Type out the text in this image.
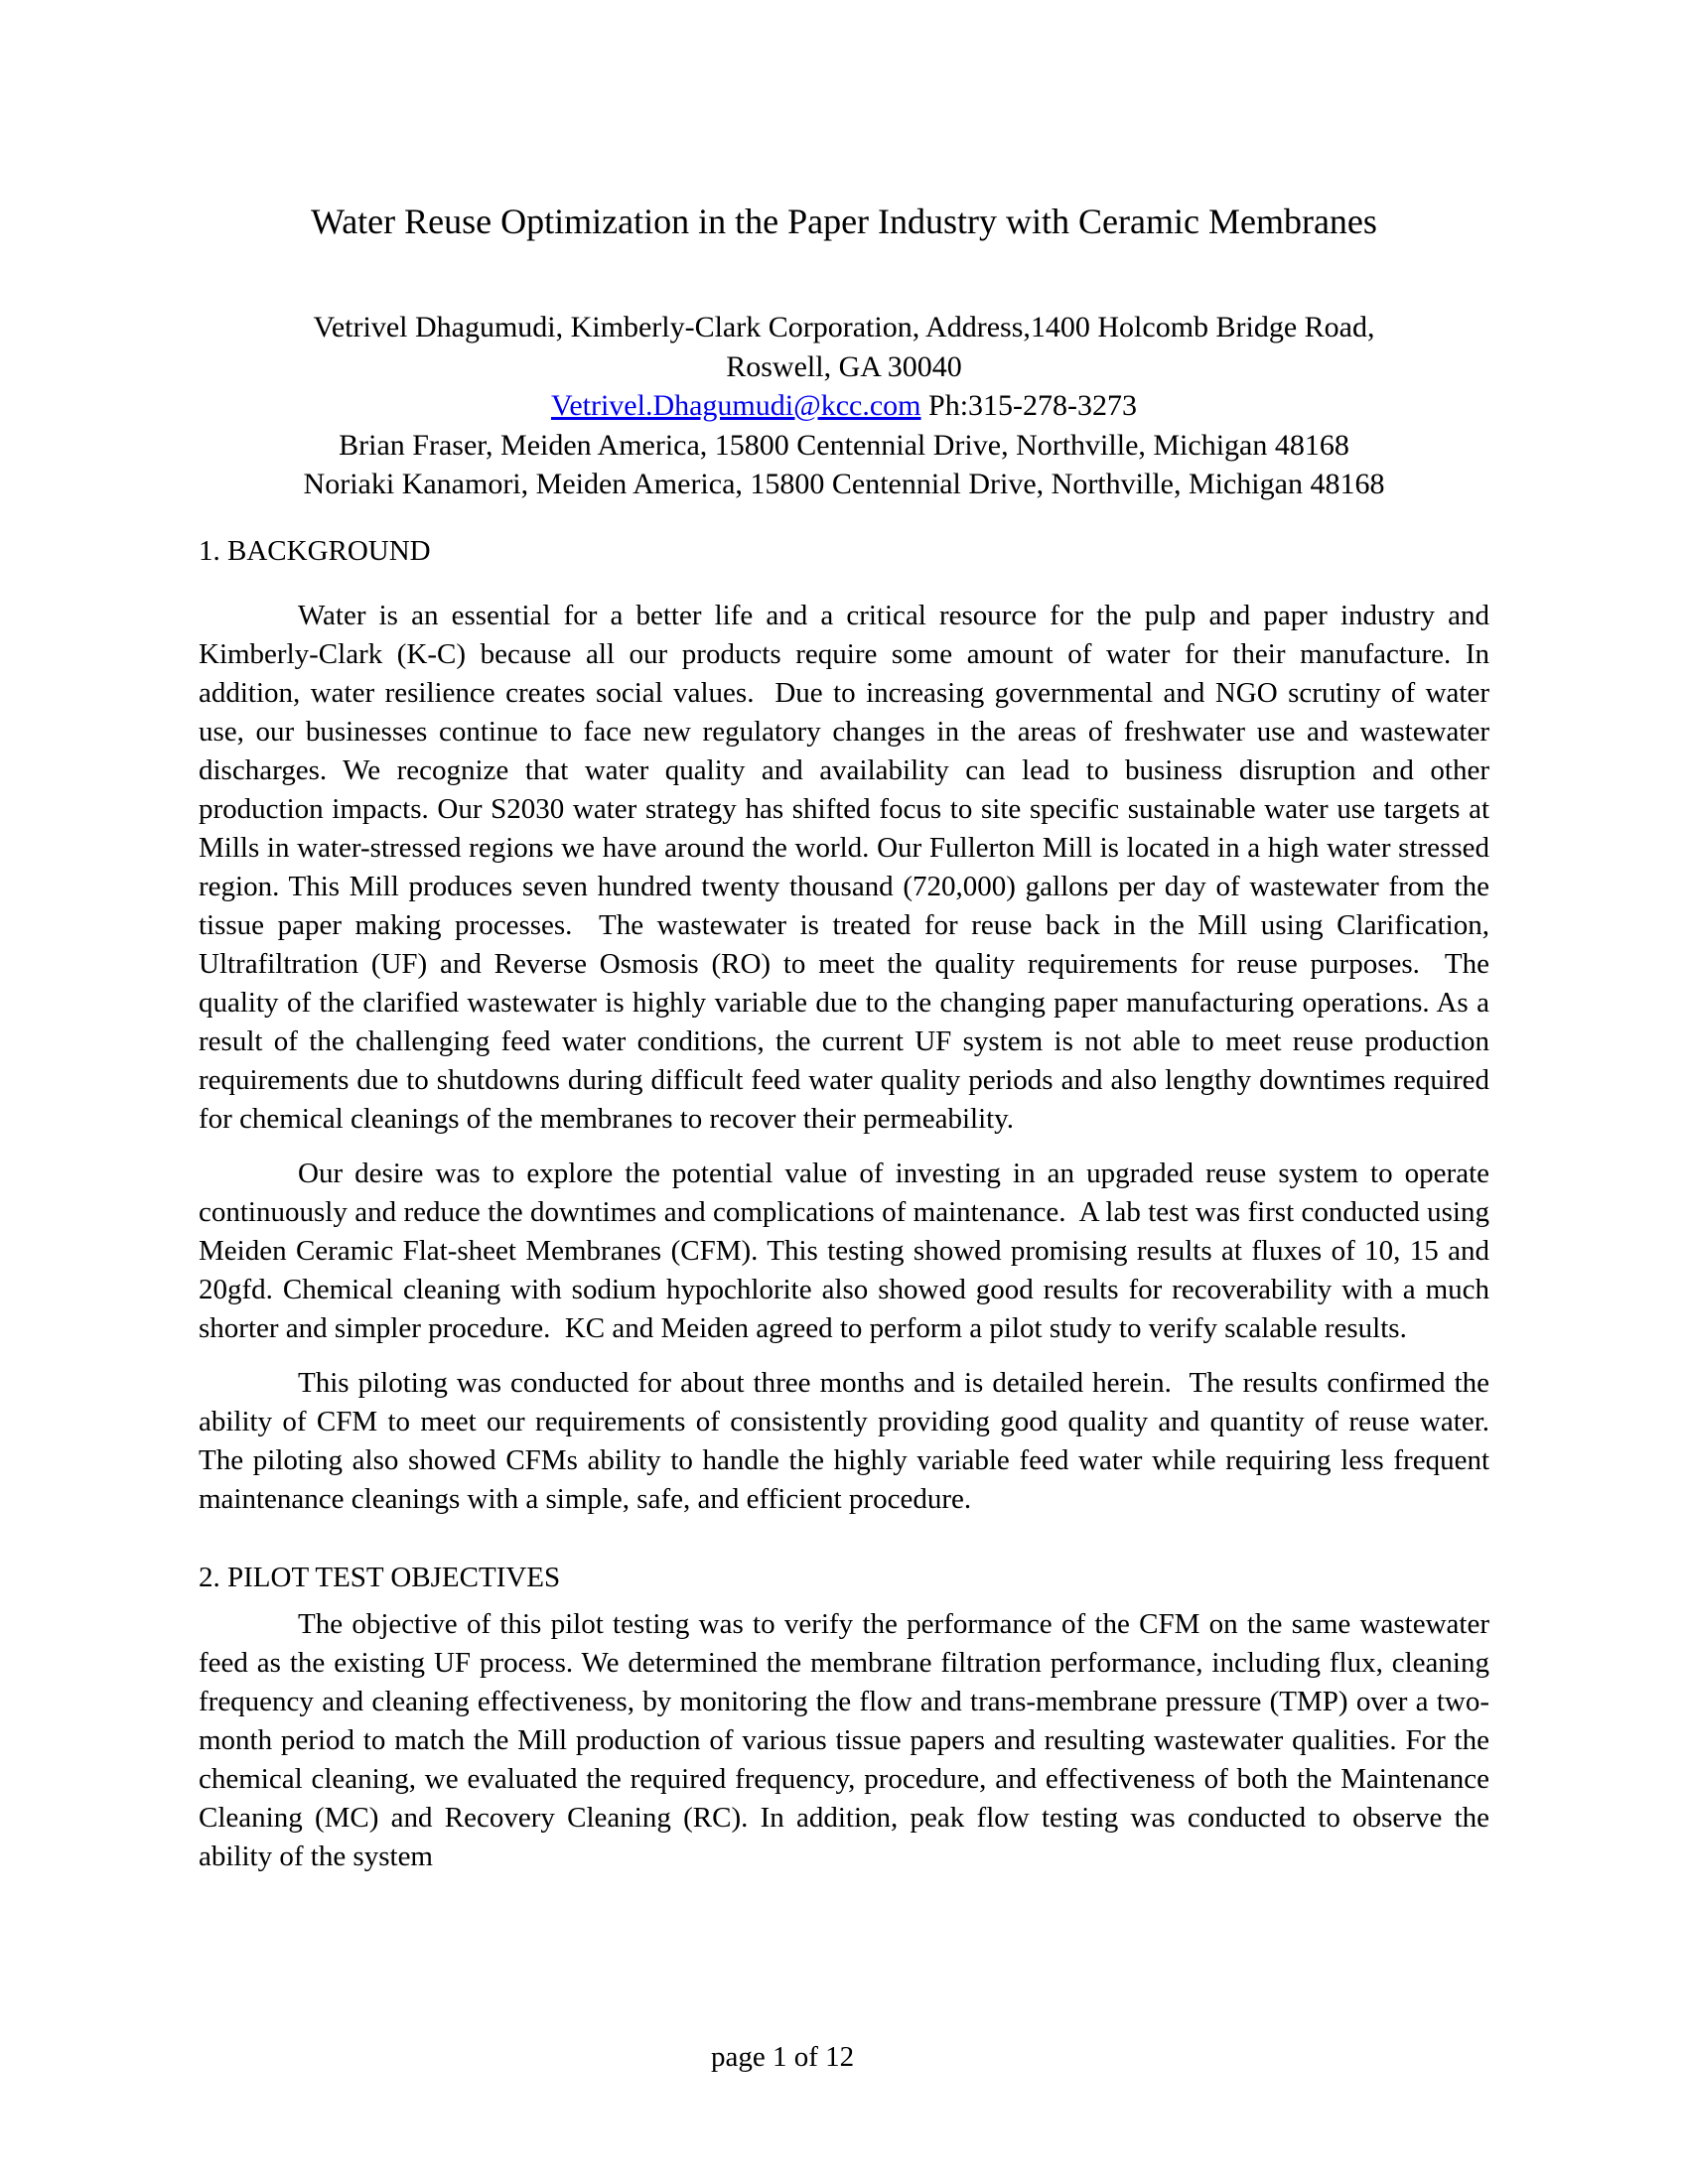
Water Reuse Optimization in the Paper Industry with Ceramic Membranes
Vetrivel Dhagumudi, Kimberly-Clark Corporation, Address,1400 Holcomb Bridge Road,
Roswell, GA 30040
Vetrivel.Dhagumudi@kcc.com Ph:315-278-3273
Brian Fraser, Meiden America, 15800 Centennial Drive, Northville, Michigan 48168
Noriaki Kanamori, Meiden America, 15800 Centennial Drive, Northville, Michigan 48168
1. BACKGROUND

Water is an essential for a better life and a critical resource for the pulp and paper industry and Kimberly-Clark (K-C) because all our products require some amount of water for their manufacture. In addition, water resilience creates social values.  Due to increasing governmental and NGO scrutiny of water use, our businesses continue to face new regulatory changes in the areas of freshwater use and wastewater discharges. We recognize that water quality and availability can lead to business disruption and other production impacts. Our S2030 water strategy has shifted focus to site specific sustainable water use targets at Mills in water-stressed regions we have around the world. Our Fullerton Mill is located in a high water stressed region. This Mill produces seven hundred twenty thousand (720,000) gallons per day of wastewater from the tissue paper making processes.  The wastewater is treated for reuse back in the Mill using Clarification, Ultrafiltration (UF) and Reverse Osmosis (RO) to meet the quality requirements for reuse purposes.  The quality of the clarified wastewater is highly variable due to the changing paper manufacturing operations. As a result of the challenging feed water conditions, the current UF system is not able to meet reuse production requirements due to shutdowns during difficult feed water quality periods and also lengthy downtimes required for chemical cleanings of the membranes to recover their permeability.

Our desire was to explore the potential value of investing in an upgraded reuse system to operate continuously and reduce the downtimes and complications of maintenance.  A lab test was first conducted using Meiden Ceramic Flat-sheet Membranes (CFM). This testing showed promising results at fluxes of 10, 15 and 20gfd. Chemical cleaning with sodium hypochlorite also showed good results for recoverability with a much shorter and simpler procedure.  KC and Meiden agreed to perform a pilot study to verify scalable results.

This piloting was conducted for about three months and is detailed herein.  The results confirmed the ability of CFM to meet our requirements of consistently providing good quality and quantity of reuse water.  The piloting also showed CFMs ability to handle the highly variable feed water while requiring less frequent maintenance cleanings with a simple, safe, and efficient procedure.

2. PILOT TEST OBJECTIVES

The objective of this pilot testing was to verify the performance of the CFM on the same wastewater feed as the existing UF process. We determined the membrane filtration performance, including flux, cleaning frequency and cleaning effectiveness, by monitoring the flow and trans-membrane pressure (TMP) over a two-month period to match the Mill production of various tissue papers and resulting wastewater qualities. For the chemical cleaning, we evaluated the required frequency, procedure, and effectiveness of both the Maintenance Cleaning (MC) and Recovery Cleaning (RC). In addition, peak flow testing was conducted to observe the ability of the system

page 1 of 12
